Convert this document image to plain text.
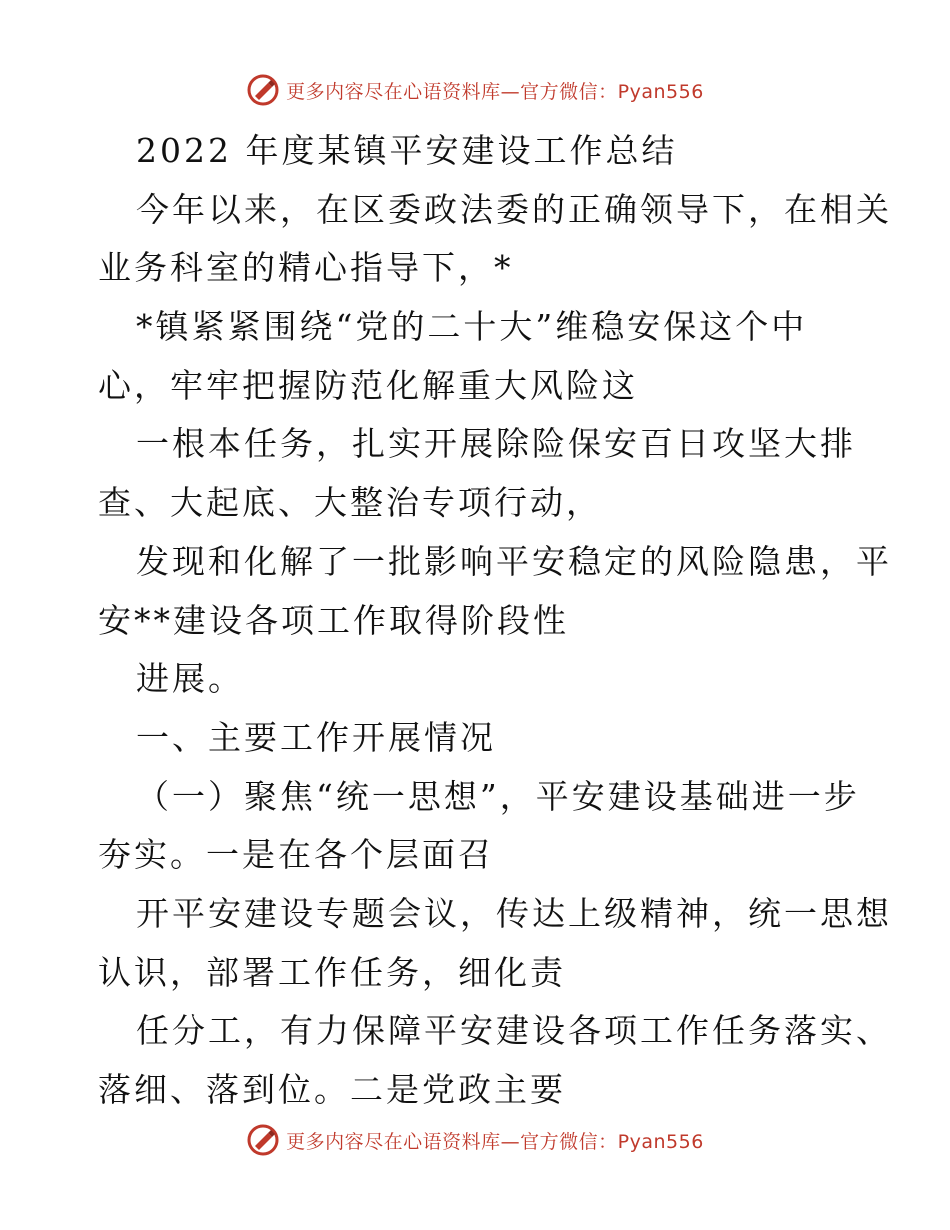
更多内容尽在心语资料库—官方微信：Pyan556
2022 年度某镇平安建设工作总结
今年以来，在区委政法委的正确领导下，在相关
业务科室的精心指导下，*
*镇紧紧围绕“党的二十大”维稳安保这个中
心，牢牢把握防范化解重大风险这
一根本任务，扎实开展除险保安百日攻坚大排
查、大起底、大整治专项行动，
发现和化解了一批影响平安稳定的风险隐患，平
安**建设各项工作取得阶段性
进展。
一、主要工作开展情况
（一）聚焦“统一思想”，平安建设基础进一步
夯实。一是在各个层面召
开平安建设专题会议，传达上级精神，统一思想
认识，部署工作任务，细化责
任分工，有力保障平安建设各项工作任务落实、
落细、落到位。二是党政主要
更多内容尽在心语资料库—官方微信：Pyan556
